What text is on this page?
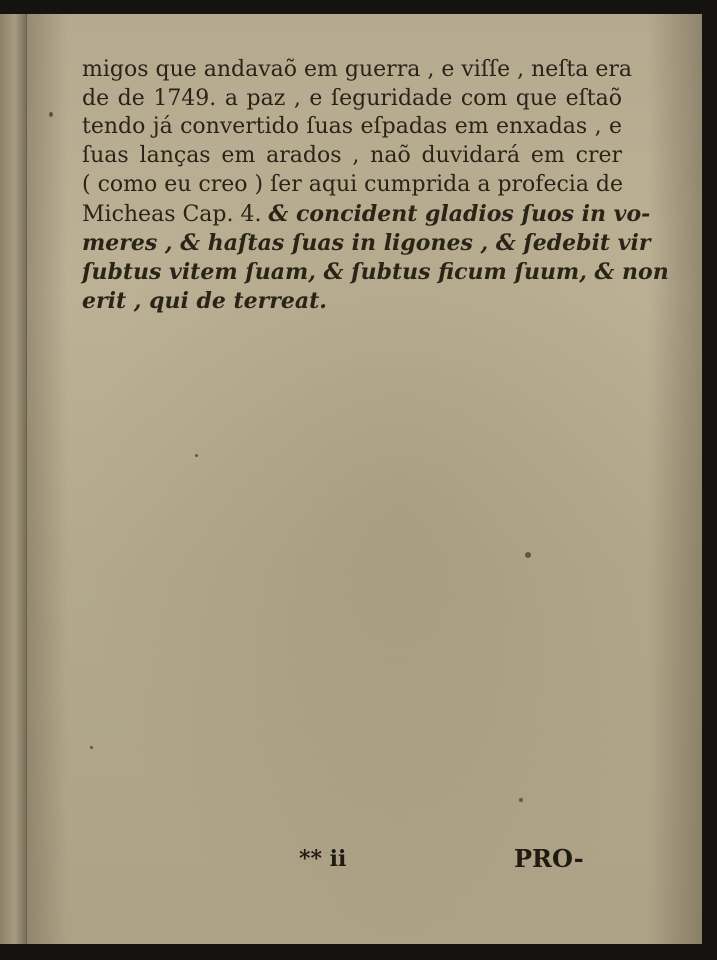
migos que andavaõ em guerra , e viſſe , neſta era
de de 1749. a paz , e ſeguridade com que eſtaõ
tendo já convertido ſuas eſpadas em enxadas , e
ſuas lanças em arados , naõ duvidará em crer
( como eu creo ) ſer aqui cumprida a profecia de
Micheas Cap. 4. & concident gladios ſuos in vo-
meres , & haſtas ſuas in ligones , & ſedebit vir
ſubtus vitem ſuam, & ſubtus ficum ſuum, & non
erit , qui de terreat.
** ii	PRO-
